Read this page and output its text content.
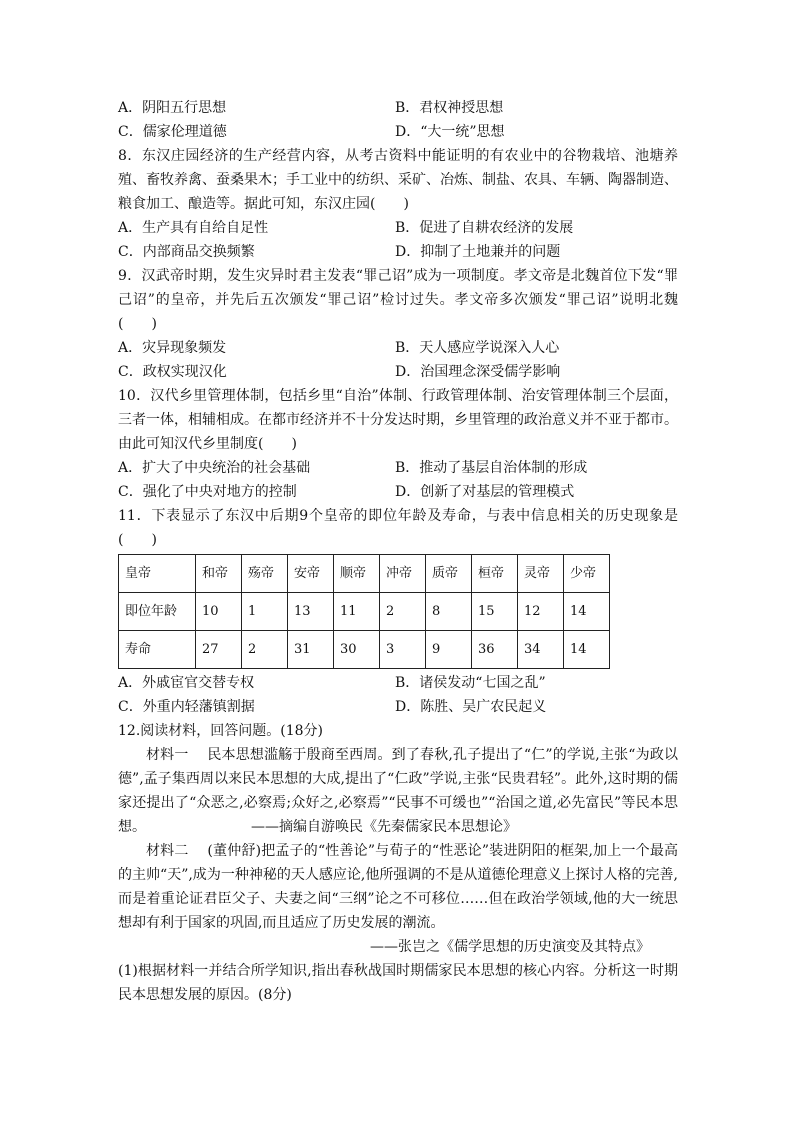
A．阴阳五行思想	B．君权神授思想
C．儒家伦理道德	D．“大一统”思想

8．东汉庄园经济的生产经营内容，从考古资料中能证明的有农业中的谷物栽培、池塘养殖、畜牧养禽、蚕桑果木；手工业中的纺织、采矿、冶炼、制盐、农具、车辆、陶器制造、粮食加工、酿造等。据此可知，东汉庄园(　　)

A．生产具有自给自足性	B．促进了自耕农经济的发展
C．内部商品交换频繁	D．抑制了土地兼并的问题

9．汉武帝时期，发生灾异时君主发表“罪己诏”成为一项制度。孝文帝是北魏首位下发“罪己诏”的皇帝，并先后五次颁发“罪己诏”检讨过失。孝文帝多次颁发“罪己诏”说明北魏(　　)

A．灾异现象频发	B．天人感应学说深入人心
C．政权实现汉化	D．治国理念深受儒学影响

10．汉代乡里管理体制，包括乡里“自治”体制、行政管理体制、治安管理体制三个层面，三者一体，相辅相成。在都市经济并不十分发达时期，乡里管理的政治意义并不亚于都市。由此可知汉代乡里制度(　　)

A．扩大了中央统治的社会基础	B．推动了基层自治体制的形成
C．强化了中央对地方的控制	D．创新了对基层的管理模式

11．下表显示了东汉中后期9个皇帝的即位年龄及寿命，与表中信息相关的历史现象是(　　)

皇帝	和帝	殇帝	安帝	顺帝	冲帝	质帝	桓帝	灵帝	少帝
即位年龄	10	1	13	11	2	8	15	12	14
寿命	27	2	31	30	3	9	36	34	14
A．外戚宦官交替专权	B．诸侯发动“七国之乱”
C．外重内轻藩镇割据	D．陈胜、吴广农民起义

12.阅读材料，回答问题。(18分)

材料一　 民本思想滥觞于殷商至西周。到了春秋,孔子提出了“仁”的学说,主张“为政以德”,孟子集西周以来民本思想的大成,提出了“仁政”学说,主张“民贵君轻”。此外,这时期的儒家还提出了“众恶之,必察焉;众好之,必察焉”“民事不可缓也”“治国之道,必先富民”等民本思想。　　　　　　　　——摘编自游唤民《先秦儒家民本思想论》

材料二　 (董仲舒)把孟子的“性善论”与荀子的“性恶论”装进阴阳的框架,加上一个最高的主帅“天”,成为一种神秘的天人感应论,他所强调的不是从道德伦理意义上探讨人格的完善,而是着重论证君臣父子、夫妻之间“三纲”论之不可移位……但在政治学领域,他的大一统思想却有利于国家的巩固,而且适应了历史发展的潮流。

——张岂之《儒学思想的历史演变及其特点》

(1)根据材料一并结合所学知识,指出春秋战国时期儒家民本思想的核心内容。分析这一时期民本思想发展的原因。(8分)
